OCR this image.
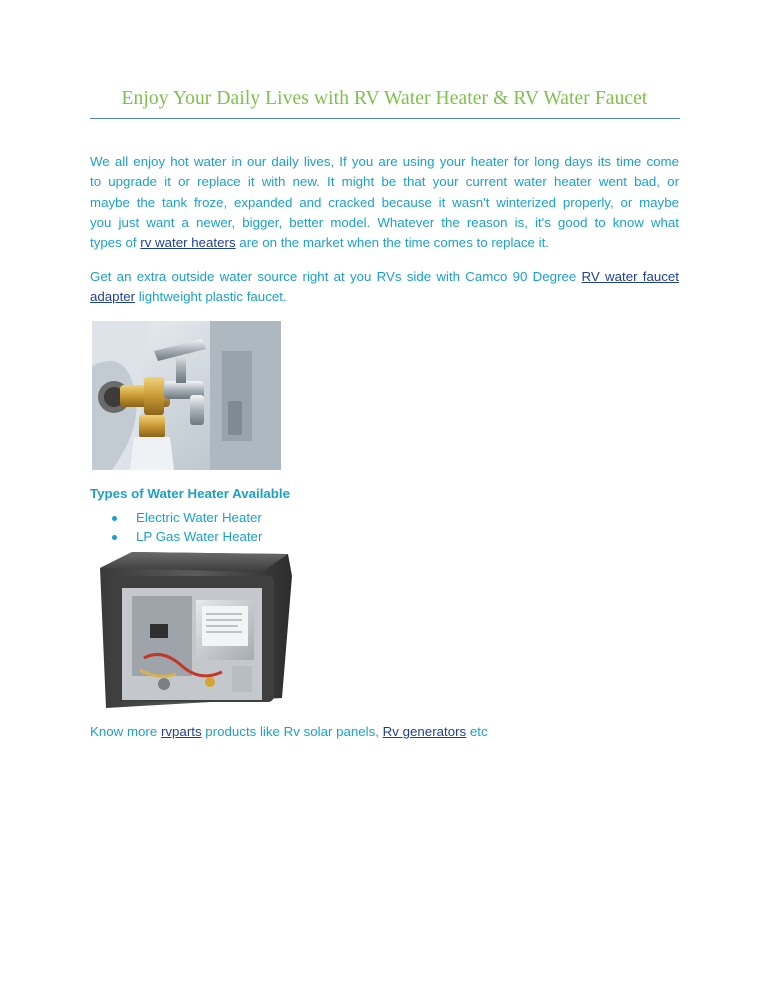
Enjoy Your Daily Lives with RV Water Heater & RV Water Faucet
We all enjoy hot water in our daily lives, If you are using your heater for long days its time come
to upgrade it or replace it with new. It might be that your current water heater went bad, or
maybe the tank froze, expanded and cracked because it wasn't winterized properly, or maybe
you just want a newer, bigger, better model. Whatever the reason is, it's good to know what
types of rv water heaters are on the market when the time comes to replace it.
Get an extra outside water source right at you RVs side with Camco 90 Degree RV water faucet
adapter lightweight plastic faucet.
Types of Water Heater Available
Electric Water Heater
LP Gas Water Heater
Know more rvparts products like Rv solar panels, Rv generators etc
